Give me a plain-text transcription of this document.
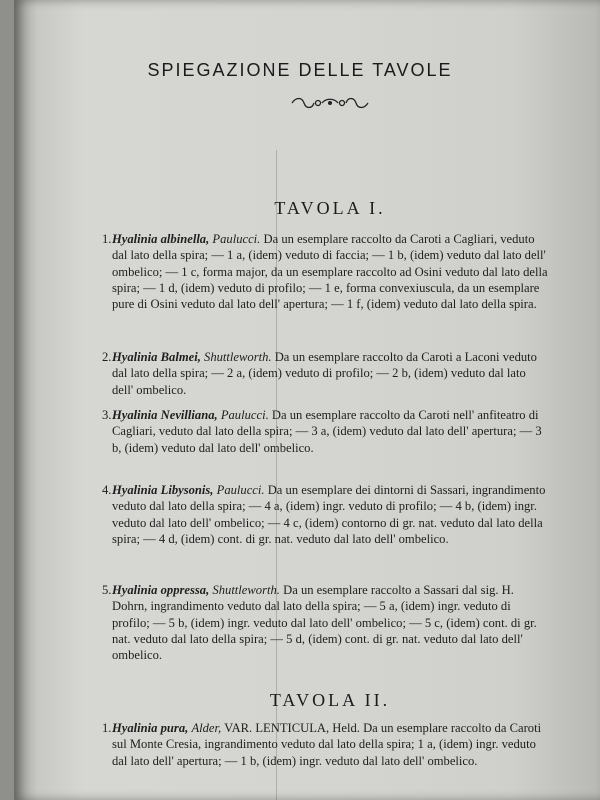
SPIEGAZIONE DELLE TAVOLE
TAVOLA I.
1. Hyalinia albinella, Paulucci. Da un esemplare raccolto da Caroti a Cagliari, veduto dal lato della spira; — 1 a, (idem) veduto di faccia; — 1 b, (idem) veduto dal lato dell' ombelico; — 1 c, forma major, da un esemplare raccolto ad Osini veduto dal lato della spira; — 1 d, (idem) veduto di profilo; — 1 e, forma convexiuscula, da un esemplare pure di Osini veduto dal lato dell' apertura; — 1 f, (idem) veduto dal lato della spira.

2. Hyalinia Balmei, Shuttleworth. Da un esemplare raccolto da Caroti a Laconi veduto dal lato della spira; — 2 a, (idem) veduto di profilo; — 2 b, (idem) veduto dal lato dell' ombelico.

3. Hyalinia Nevilliana, Paulucci. Da un esemplare raccolto da Caroti nell' anfiteatro di Cagliari, veduto dal lato della spira; — 3 a, (idem) veduto dal lato dell' apertura; — 3 b, (idem) veduto dal lato dell' ombelico.

4. Hyalinia Libysonis, Paulucci. Da un esemplare dei dintorni di Sassari, ingrandimento veduto dal lato della spira; — 4 a, (idem) ingr. veduto di profilo; — 4 b, (idem) ingr. veduto dal lato dell' ombelico; — 4 c, (idem) contorno di gr. nat. veduto dal lato della spira; — 4 d, (idem) cont. di gr. nat. veduto dal lato dell' ombelico.

5. Hyalinia oppressa, Shuttleworth. Da un esemplare raccolto a Sassari dal sig. H. Dohrn, ingrandimento veduto dal lato della spira; — 5 a, (idem) ingr. veduto di profilo; — 5 b, (idem) ingr. veduto dal lato dell' ombelico; — 5 c, (idem) cont. di gr. nat. veduto dal lato della spira; — 5 d, (idem) cont. di gr. nat. veduto dal lato dell' ombelico.

TAVOLA II.
1. Hyalinia pura, Alder, VAR. LENTICULA, Held. Da un esemplare raccolto da Caroti sul Monte Cresia, ingrandimento veduto dal lato della spira; 1 a, (idem) ingr. veduto dal lato dell' apertura; — 1 b, (idem) ingr. veduto dal lato dell' ombelico.
